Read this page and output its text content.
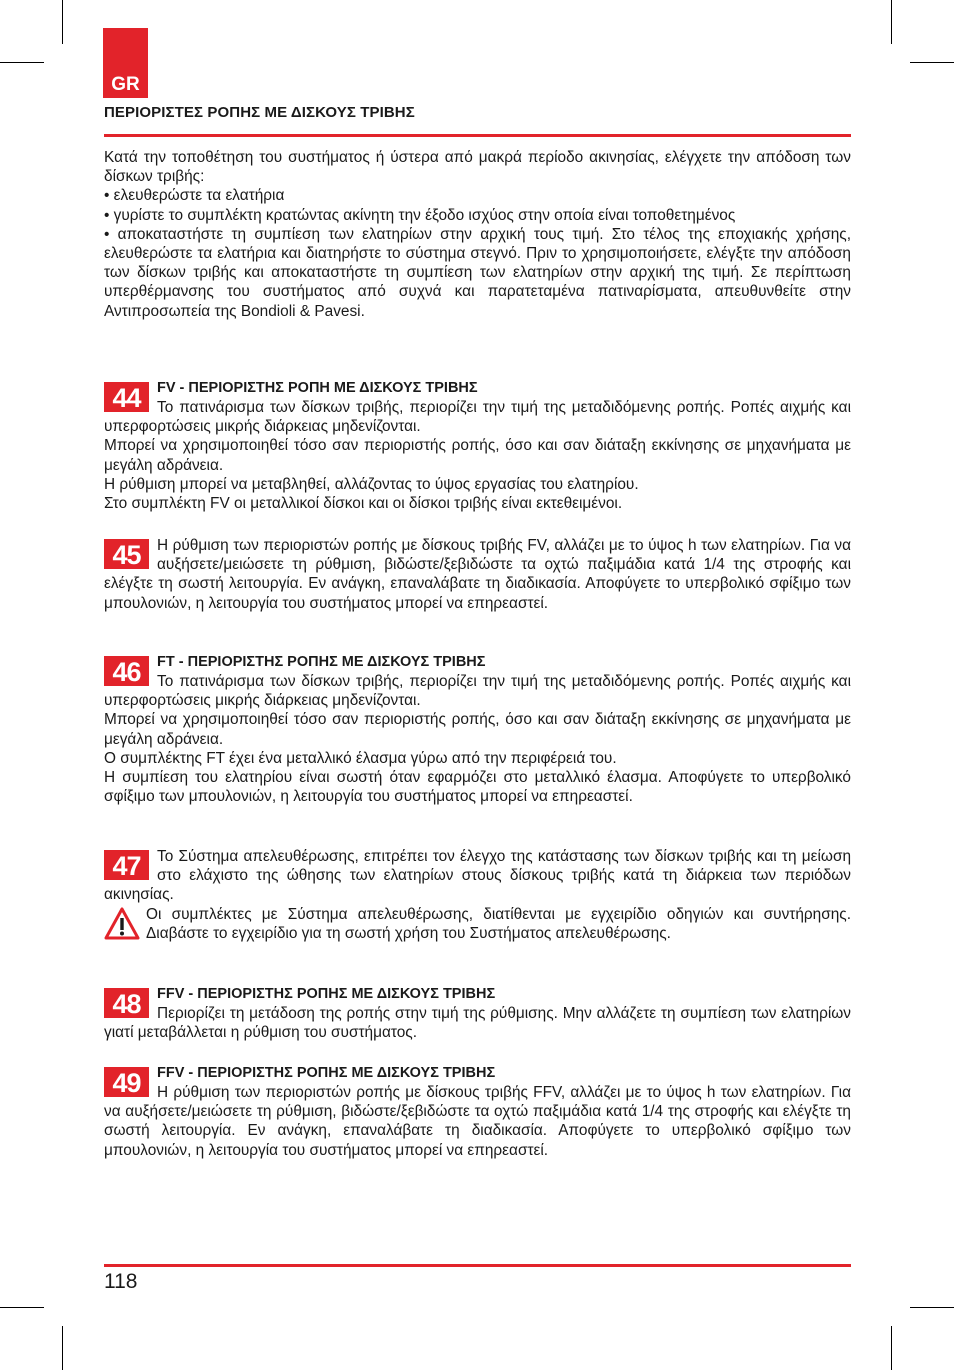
GR
ΠΕΡΙΟΡΙΣΤΕΣ ΡΟΠΗΣ ΜΕ ΔΙΣΚΟΥΣ ΤΡΙΒΗΣ

Κατά την τοποθέτηση του συστήματος ή ύστερα από μακρά περίοδο ακινησίας, ελέγχετε την απόδοση των δίσκων τριβής:

• ελευθερώστε τα ελατήρια

• γυρίστε το συμπλέκτη κρατώντας ακίνητη την έξοδο ισχύος στην οποία είναι τοποθετημένος

• αποκαταστήστε τη συμπίεση των ελατηρίων στην αρχική τους τιμή. Στο τέλος της εποχιακής χρήσης, ελευθερώστε τα ελατήρια και διατηρήστε το σύστημα στεγνό. Πριν το χρησιμοποιήσετε, ελέγξτε την απόδοση των δίσκων τριβής και αποκαταστήστε τη συμπίεση των ελατηρίων στην αρχική της τιμή. Σε περίπτωση υπερθέρμανσης του συστήματος από συχνά και παρατεταμένα πατιναρίσματα, απευθυνθείτε στην Αντιπροσωπεία της Bondioli & Pavesi.

44	FV - ΠΕΡΙΟΡΙΣΤΗΣ ΡΟΠΗ ΜΕ ΔΙΣΚΟΥΣ ΤΡΙΒΗΣ

Το πατινάρισμα των δίσκων τριβής, περιορίζει την τιμή της μεταδιδόμενης ροπής. Ροπές αιχμής και υπερφορτώσεις μικρής διάρκειας μηδενίζονται.

Μπορεί να χρησιμοποιηθεί τόσο σαν περιοριστής ροπής, όσο και σαν διάταξη εκκίνησης σε μηχανήματα με μεγάλη αδράνεια.

Η ρύθμιση μπορεί να μεταβληθεί, αλλάζοντας το ύψος εργασίας του ελατηρίου.

Στο συμπλέκτη FV οι μεταλλικοί δίσκοι και οι δίσκοι τριβής είναι εκτεθειμένοι.

45	Η ρύθμιση των περιοριστών ροπής με δίσκους τριβής FV, αλλάζει με το ύψος h των ελατηρίων. Για να αυξήσετε/μειώσετε τη ρύθμιση, βιδώστε/ξεβιδώστε τα οχτώ παξιμάδια κατά 1/4 της στροφής και ελέγξτε τη σωστή λειτουργία. Εν ανάγκη, επαναλάβατε τη διαδικασία. Αποφύγετε το υπερβολικό σφίξιμο των μπουλονιών, η λειτουργία του συστήματος μπορεί να επηρεαστεί.

46	FT - ΠΕΡΙΟΡΙΣΤΗΣ ΡΟΠΗΣ ΜΕ ΔΙΣΚΟΥΣ ΤΡΙΒΗΣ

Το πατινάρισμα των δίσκων τριβής, περιορίζει την τιμή της μεταδιδόμενης ροπής. Ροπές αιχμής και υπερφορτώσεις μικρής διάρκειας μηδενίζονται.

Μπορεί να χρησιμοποιηθεί τόσο σαν περιοριστής ροπής, όσο και σαν διάταξη εκκίνησης σε μηχανήματα με μεγάλη αδράνεια.

Ο συμπλέκτης FT έχει ένα μεταλλικό έλασμα γύρω από την περιφέρειά του.

Η συμπίεση του ελατηρίου είναι σωστή όταν εφαρμόζει στο μεταλλικό έλασμα. Αποφύγετε το υπερβολικό σφίξιμο των μπουλονιών, η λειτουργία του συστήματος μπορεί να επηρεαστεί.

47	Το Σύστημα απελευθέρωσης, επιτρέπει τον έλεγχο της κατάστασης των δίσκων τριβής και τη μείωση στο ελάχιστο της ώθησης των ελατηρίων στους δίσκους τριβής κατά τη διάρκεια των περιόδων ακινησίας.

Οι συμπλέκτες με Σύστημα απελευθέρωσης, διατίθενται με εγχειρίδιο οδηγιών και συντήρησης. Διαβάστε το εγχειρίδιο για τη σωστή χρήση του Συστήματος απελευθέρωσης.

48	FFV - ΠΕΡΙΟΡΙΣΤΗΣ ΡΟΠΗΣ ΜΕ ΔΙΣΚΟΥΣ ΤΡΙΒΗΣ

Περιορίζει τη μετάδοση της ροπής στην τιμή της ρύθμισης. Μην αλλάζετε τη συμπίεση των ελατηρίων γιατί μεταβάλλεται η ρύθμιση του συστήματος.

49	FFV - ΠΕΡΙΟΡΙΣΤΗΣ ΡΟΠΗΣ ΜΕ ΔΙΣΚΟΥΣ ΤΡΙΒΗΣ

Η ρύθμιση των περιοριστών ροπής με δίσκους τριβής FFV, αλλάζει με το ύψος h των ελατηρίων. Για να αυξήσετε/μειώσετε τη ρύθμιση, βιδώστε/ξεβιδώστε τα οχτώ παξιμάδια κατά 1/4 της στροφής και ελέγξτε τη σωστή λειτουργία. Εν ανάγκη, επαναλάβατε τη διαδικασία. Αποφύγετε το υπερβολικό σφίξιμο των μπουλονιών, η λειτουργία του συστήματος μπορεί να επηρεαστεί.

118
